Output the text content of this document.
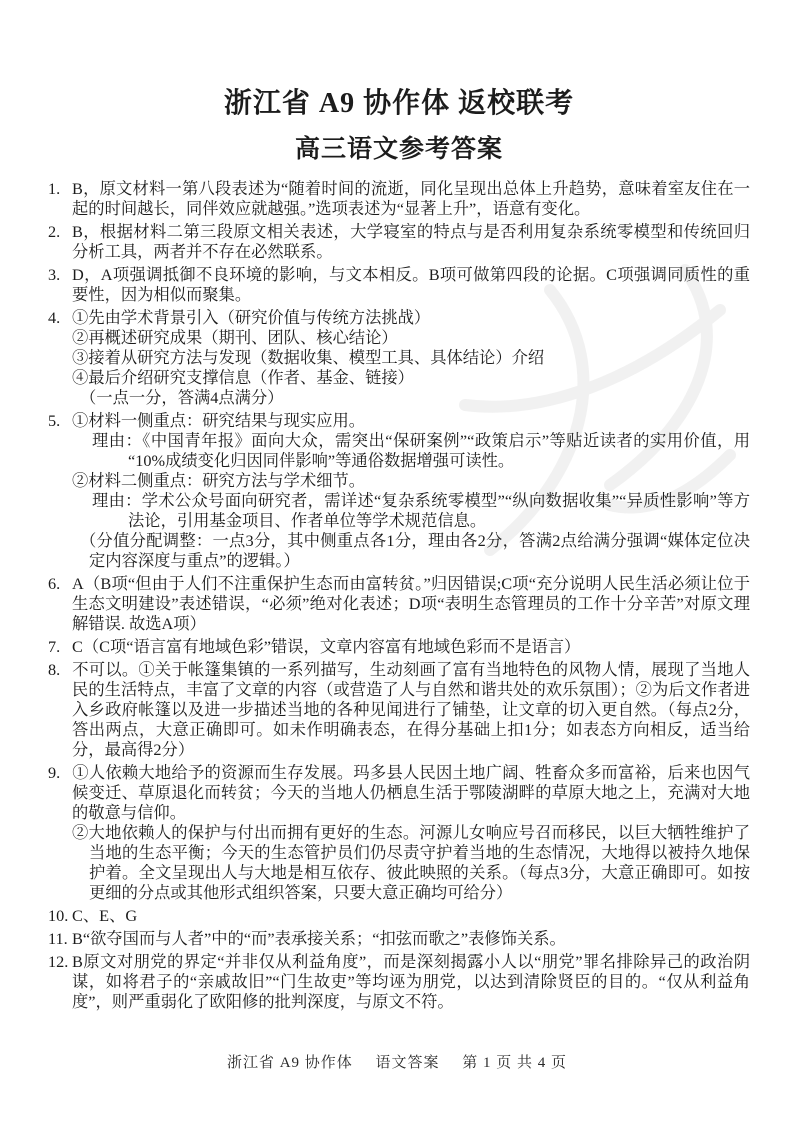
浙江省 A9 协作体 返校联考
高三语文参考答案

1. B，原文材料一第八段表述为“随着时间的流逝，同化呈现出总体上升趋势，意味着室友住在一起的时间越长，同伴效应就越强。”选项表述为“显著上升”，语意有变化。

2. B，根据材料二第三段原文相关表述，大学寝室的特点与是否利用复杂系统零模型和传统回归分析工具，两者并不存在必然联系。

3. D，A项强调抵御不良环境的影响，与文本相反。B项可做第四段的论据。C项强调同质性的重要性，因为相似而聚集。

4. ①先由学术背景引入（研究价值与传统方法挑战）

②再概述研究成果（期刊、团队、核心结论）

③接着从研究方法与发现（数据收集、模型工具、具体结论）介绍

④最后介绍研究支撑信息（作者、基金、链接）

（一点一分，答满4点满分）

5. ①材料一侧重点：研究结果与现实应用。

理由：《中国青年报》面向大众，需突出“保研案例”“政策启示”等贴近读者的实用价值，用“10%成绩变化归因同伴影响”等通俗数据增强可读性。

②材料二侧重点：研究方法与学术细节。

理由：学术公众号面向研究者，需详述“复杂系统零模型”“纵向数据收集”“异质性影响”等方法论，引用基金项目、作者单位等学术规范信息。

（分值分配调整：一点3分，其中侧重点各1分，理由各2分，答满2点给满分强调“媒体定位决定内容深度与重点”的逻辑。）

6. A（B项“但由于人们不注重保护生态而由富转贫。”归因错误;C项“充分说明人民生活必须让位于生态文明建设”表述错误，“必须”绝对化表述；D项“表明生态管理员的工作十分辛苦”对原文理解错误. 故选A项）

7. C（C项“语言富有地域色彩”错误，文章内容富有地域色彩而不是语言）

8. 不可以。①关于帐篷集镇的一系列描写，生动刻画了富有当地特色的风物人情，展现了当地人民的生活特点，丰富了文章的内容（或营造了人与自然和谐共处的欢乐氛围）；②为后文作者进入乡政府帐篷以及进一步描述当地的各种见闻进行了铺垫，让文章的切入更自然。（每点2分，答出两点，大意正确即可。如未作明确表态，在得分基础上扣1分；如表态方向相反，适当给分，最高得2分）

9. ①人依赖大地给予的资源而生存发展。玛多县人民因土地广阔、牲畜众多而富裕，后来也因气候变迁、草原退化而转贫；今天的当地人仍栖息生活于鄂陵湖畔的草原大地之上，充满对大地的敬意与信仰。

②大地依赖人的保护与付出而拥有更好的生态。河源儿女响应号召而移民，以巨大牺牲维护了当地的生态平衡；今天的生态管护员们仍尽责守护着当地的生态情况，大地得以被持久地保护着。全文呈现出人与大地是相互依存、彼此映照的关系。（每点3分，大意正确即可。如按更细的分点或其他形式组织答案，只要大意正确均可给分）

10. C、E、G

11. B“欲夺国而与人者”中的“而”表承接关系；“扣弦而歌之”表修饰关系。

12. B原文对朋党的界定“并非仅从利益角度”，而是深刻揭露小人以“朋党”罪名排除异己的政治阴谋，如将君子的“亲戚故旧”“门生故吏”等均诬为朋党，以达到清除贤臣的目的。“仅从利益角度”，则严重弱化了欧阳修的批判深度，与原文不符。

浙江省 A9 协作体 语文答案 第 1 页 共 4 页
